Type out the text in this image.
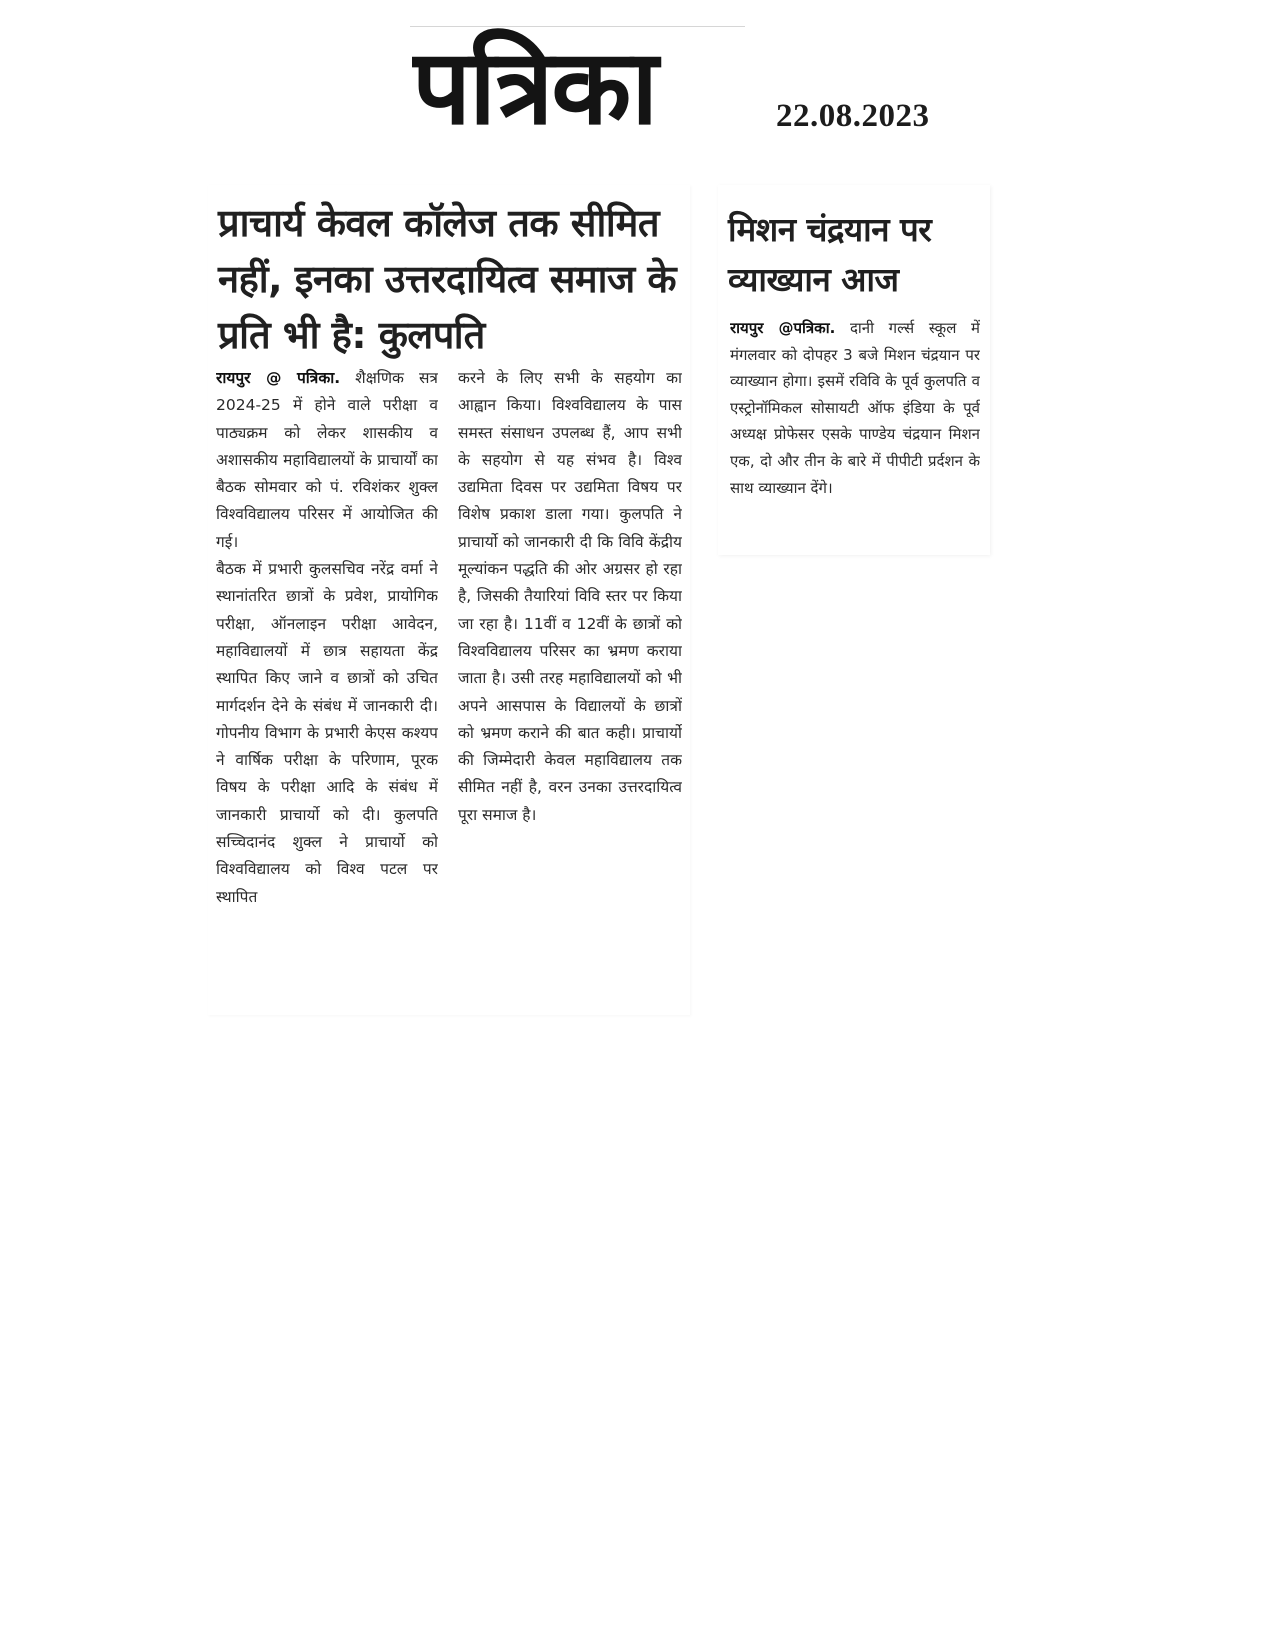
पत्रिका	22.08.2023
प्राचार्य केवल कॉलेज तक सीमित नहीं, इनका उत्तरदायित्व समाज के प्रति भी है: कुलपति

रायपुर @ पत्रिका. शैक्षणिक सत्र 2024-25 में होने वाले परीक्षा व पाठ्यक्रम को लेकर शासकीय व अशासकीय महाविद्यालयों के प्राचार्यों का बैठक सोमवार को पं. रविशंकर शुक्ल विश्वविद्यालय परिसर में आयोजित की गई।

बैठक में प्रभारी कुलसचिव नरेंद्र वर्मा ने स्थानांतरित छात्रों के प्रवेश, प्रायोगिक परीक्षा, ऑनलाइन परीक्षा आवेदन, महाविद्यालयों में छात्र सहायता केंद्र स्थापित किए जाने व छात्रों को उचित मार्गदर्शन देने के संबंध में जानकारी दी। गोपनीय विभाग के प्रभारी केएस कश्यप ने वार्षिक परीक्षा के परिणाम, पूरक विषय के परीक्षा आदि के संबंध में जानकारी प्राचार्यो को दी। कुलपति सच्चिदानंद शुक्ल ने प्राचार्यो को विश्वविद्यालय को विश्व पटल पर स्थापित

करने के लिए सभी के सहयोग का आह्वान किया। विश्वविद्यालय के पास समस्त संसाधन उपलब्ध हैं, आप सभी के सहयोग से यह संभव है। विश्व उद्यमिता दिवस पर उद्यमिता विषय पर विशेष प्रकाश डाला गया। कुलपति ने प्राचार्यो को जानकारी दी कि विवि केंद्रीय मूल्यांकन पद्धति की ओर अग्रसर हो रहा है, जिसकी तैयारियां विवि स्तर पर किया जा रहा है। 11वीं व 12वीं के छात्रों को विश्वविद्यालय परिसर का भ्रमण कराया जाता है। उसी तरह महाविद्यालयों को भी अपने आसपास के विद्यालयों के छात्रों को भ्रमण कराने की बात कही। प्राचार्यो की जिम्मेदारी केवल महाविद्यालय तक सीमित नहीं है, वरन उनका उत्तरदायित्व पूरा समाज है।

मिशन चंद्रयान पर व्याख्यान आज

रायपुर @पत्रिका. दानी गर्ल्स स्कूल में मंगलवार को दोपहर 3 बजे मिशन चंद्रयान पर व्याख्यान होगा। इसमें रविवि के पूर्व कुलपति व एस्ट्रोनॉमिकल सोसायटी ऑफ इंडिया के पूर्व अध्यक्ष प्रोफेसर एसके पाण्डेय चंद्रयान मिशन एक, दो और तीन के बारे में पीपीटी प्रर्दशन के साथ व्याख्यान देंगे।
